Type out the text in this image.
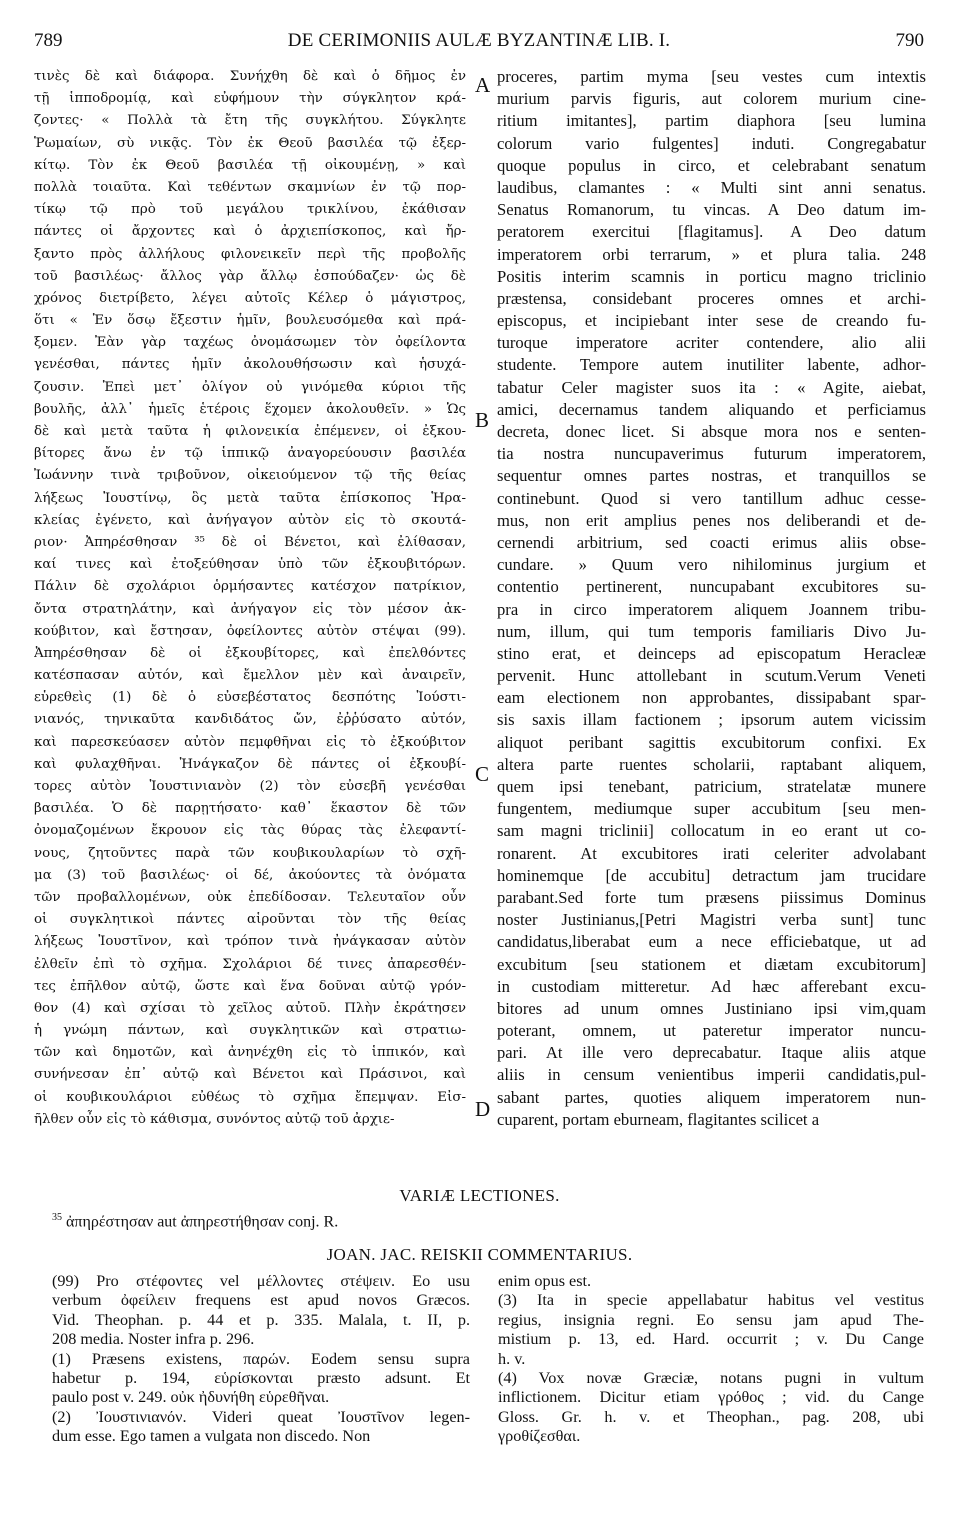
789	DE CERIMONIIS AULÆ BYZANTINÆ LIB. I.	790
τινὲς δὲ καὶ διάφορα. Συνήχθη δὲ καὶ ὁ δῆμος ἐν
τῇ ἱπποδρομίᾳ, καὶ εὐφήμουν τὴν σύγκλητον κρά-
ζοντες· « Πολλὰ τὰ ἔτη τῆς συγκλήτου. Σύγκλητε
Ῥωμαίων, σὺ νικᾷς. Τὸν ἐκ Θεοῦ βασιλέα τῷ ἐξερ-
κίτῳ. Τὸν ἐκ Θεοῦ βασιλέα τῇ οἰκουμένῃ, » καὶ
πολλὰ τοιαῦτα. Καὶ τεθέντων σκαμνίων ἐν τῷ πορ-
τίκῳ τῷ πρὸ τοῦ μεγάλου τρικλίνου, ἐκάθισαν
πάντες οἱ ἄρχοντες καὶ ὁ ἀρχιεπίσκοπος, καὶ ἤρ-
ξαντο πρὸς ἀλλήλους φιλονεικεῖν περὶ τῆς προβολῆς
τοῦ βασιλέως· ἄλλος γὰρ ἄλλῳ ἐσπούδαζεν· ὡς δὲ
χρόνος διετρίβετο, λέγει αὐτοῖς Κέλερ ὁ μάγιστρος,
ὅτι « Ἐν ὅσῳ ἔξεστιν ἡμῖν, βουλευσόμεθα καὶ πρά-
ξομεν. Ἐὰν γὰρ ταχέως ὀνομάσωμεν τὸν ὀφείλοντα
γενέσθαι, πάντες ἡμῖν ἀκολουθήσωσιν καὶ ἡσυχά-
ζουσιν. Ἐπεὶ μετ᾽ ὀλίγον οὐ γινόμεθα κύριοι τῆς
βουλῆς, ἀλλ᾽ ἡμεῖς ἑτέροις ἕχομεν ἀκολουθεῖν. » Ὡς
δὲ καὶ μετὰ ταῦτα ἡ φιλονεικία ἐπέμενεν, οἱ ἐξκου-
βίτορες ἄνω ἐν τῷ ἱππικῷ ἀναγορεύουσιν βασιλέα
Ἰωάννην τινὰ τριβοῦνον, οἰκειούμενον τῷ τῆς θείας
λήξεως Ἰουστίνῳ, ὃς μετὰ ταῦτα ἐπίσκοπος Ἡρα-
κλείας ἐγένετο, καὶ ἀνήγαγον αὐτὸν εἰς τὸ σκουτά-
ριον· Ἀπηρέσθησαν ³⁵ δὲ οἱ Βένετοι, καὶ ἐλίθασαν,
καί τινες καὶ ἐτοξεύθησαν ὑπὸ τῶν ἐξκουβιτόρων.
Πάλιν δὲ σχολάριοι ὁρμήσαντες κατέσχον πατρίκιον,
ὄντα στρατηλάτην, καὶ ἀνήγαγον εἰς τὸν μέσον ἀκ-
κούβιτον, καὶ ἔστησαν, ὀφείλοντες αὐτὸν στέψαι (99).
Ἀπηρέσθησαν δὲ οἱ ἐξκουβίτορες, καὶ ἐπελθόντες
κατέσπασαν αὐτόν, καὶ ἔμελλον μὲν καὶ ἀναιρεῖν,
εὑρεθεὶς (1) δὲ ὁ εὐσεβέστατος δεσπότης Ἰούστι-
νιανός, τηνικαῦτα κανδιδάτος ὤν, ἐῤῥύσατο αὐτόν,
καὶ παρεσκεύασεν αὐτὸν πεμφθῆναι εἰς τὸ ἐξκούβιτον
καὶ φυλαχθῆναι. Ἠνάγκαζον δὲ πάντες οἱ ἐξκουβί-
τορες αὐτὸν Ἰουστινιανὸν (2) τὸν εὐσεβῆ γενέσθαι
βασιλέα. Ὁ δὲ παρῃτήσατο· καθ᾽ ἕκαστον δὲ τῶν
ὀνομαζομένων ἔκρουον εἰς τὰς θύρας τὰς ἐλεφαντί-
νους, ζητοῦντες παρὰ τῶν κουβικουλαρίων τὸ σχῆ-
μα (3) τοῦ βασιλέως· οἱ δέ, ἀκούοντες τὰ ὀνόματα
τῶν προβαλλομένων, οὐκ ἐπεδίδοσαν. Τελευταῖον οὖν
οἱ συγκλητικοὶ πάντες αἱροῦνται τὸν τῆς θείας
λήξεως Ἰουστῖνον, καὶ τρόπον τινὰ ἠνάγκασαν αὐτὸν
ἐλθεῖν ἐπὶ τὸ σχῆμα. Σχολάριοι δέ τινες ἀπαρεσθέν-
τες ἐπῆλθον αὐτῷ, ὥστε καὶ ἕνα δοῦναι αὐτῷ γρόν-
θον (4) καὶ σχίσαι τὸ χεῖλος αὐτοῦ. Πλὴν ἐκράτησεν
ἡ γνώμη πάντων, καὶ συγκλητικῶν καὶ στρατιω-
τῶν καὶ δημοτῶν, καὶ ἀνηνέχθη εἰς τὸ ἱππικόν, καὶ
συνήνεσαν ἐπ᾽ αὐτῷ καὶ Βένετοι καὶ Πράσινοι, καὶ
οἱ κουβικουλάριοι εὐθέως τὸ σχῆμα ἔπεμψαν. Εἰσ-
ῆλθεν οὖν εἰς τὸ κάθισμα, συνόντος αὐτῷ τοῦ ἀρχιε-
proceres, partim myma [seu vestes cum intextis
murium parvis figuris, aut colorem murium cine-
ritium imitantes], partim diaphora [seu lumina
colorum vario fulgentes] induti. Congregabatur
quoque populus in circo, et celebrabant senatum
laudibus, clamantes : « Multi sint anni senatus.
Senatus Romanorum, tu vincas. A Deo datum im-
peratorem exercitui [flagitamus]. A Deo datum
imperatorem orbi terrarum, » et plura talia. 248
Positis interim scamnis in porticu magno triclinio
præstensa, considebant proceres omnes et archi-
episcopus, et incipiebant inter sese de creando fu-
turoque imperatore acriter contendere, alio alii
studente. Tempore autem inutiliter labente, adhor-
tabatur Celer magister suos ita : « Agite, aiebat,
amici, decernamus tandem aliquando et perficiamus
decreta, donec licet. Si absque mora nos e senten-
tia nostra nuncupaverimus futurum imperatorem,
sequentur omnes partes nostras, et tranquillos se
continebunt. Quod si vero tantillum adhuc cesse-
mus, non erit amplius penes nos deliberandi et de-
cernendi arbitrium, sed coacti erimus aliis obse-
cundare. » Quum vero nihilominus jurgium et
contentio pertinerent, nuncupabant excubitores su-
pra in circo imperatorem aliquem Joannem tribu-
num, illum, qui tum temporis familiaris Divo Ju-
stino erat, et deinceps ad episcopatum Heracleæ
pervenit. Hunc attollebant in scutum.Verum Veneti
eam electionem non approbantes, dissipabant spar-
sis saxis illam factionem ; ipsorum autem vicissim
aliquot peribant sagittis excubitorum confixi. Ex
altera parte ruentes scholarii, raptabant aliquem,
quem ipsi tenebant, patricium, stratelatæ munere
fungentem, mediumque super accubitum [seu men-
sam magni triclinii] collocatum in eo erant ut co-
ronarent. At excubitores irati celeriter advolabant
hominemque [de accubitu] detractum jam trucidare
parabant.Sed forte tum præsens piissimus Dominus
noster Justinianus,[Petri Magistri verba sunt] tunc
candidatus,liberabat eum a nece efficiebatque, ut ad
excubitum [seu stationem et diætam excubitorum]
in custodiam mitteretur. Ad hæc afferebant excu-
bitores ad unum omnes Justiniano ipsi vim,quam
poterant, omnem, ut pateretur imperator nuncu-
pari. At ille vero deprecabatur. Itaque aliis atque
aliis in censum venientibus imperii candidatis,pul-
sabant partes, quoties aliquem imperatorem nun-
cuparent, portam eburneam, flagitantes scilicet a
A
B
C
D
VARIÆ LECTIONES.
$^{35}$ ἀπηρέστησαν aut ἀπηρεστήθησαν conj. R.
JOAN. JAC. REISKII COMMENTARIUS.
(99) Pro στέφοντες vel μέλλοντες στέψειν. Eo usu
verbum ὀφείλειν frequens est apud novos Græcos.
Vid. Theophan. p. 44 et p. 335. Malala, t. II, p.
208 media. Noster infra p. 296.
(1) Præsens existens, παρών. Eodem sensu supra
habetur p. 194, εὑρίσκονται præsto adsunt. Et
paulo post v. 249. οὐκ ἠδυνήθη εὑρεθῆναι.
(2) Ἰουστινιανόν. Videri queat Ἰουστῖνον legen-
dum esse. Ego tamen a vulgata non discedo. Non
enim opus est.
(3) Ita in specie appellabatur habitus vel vestitus
regius, insignia regni. Eo sensu jam apud The-
mistium p. 13, ed. Hard. occurrit ; v. Du Cange
h. v.
(4) Vox novæ Græciæ, notans pugni in vultum
inflictionem. Dicitur etiam γρόθος ; vid. du Cange
Gloss. Gr. h. v. et Theophan., pag. 208, ubi
γροθίζεσθαι.
